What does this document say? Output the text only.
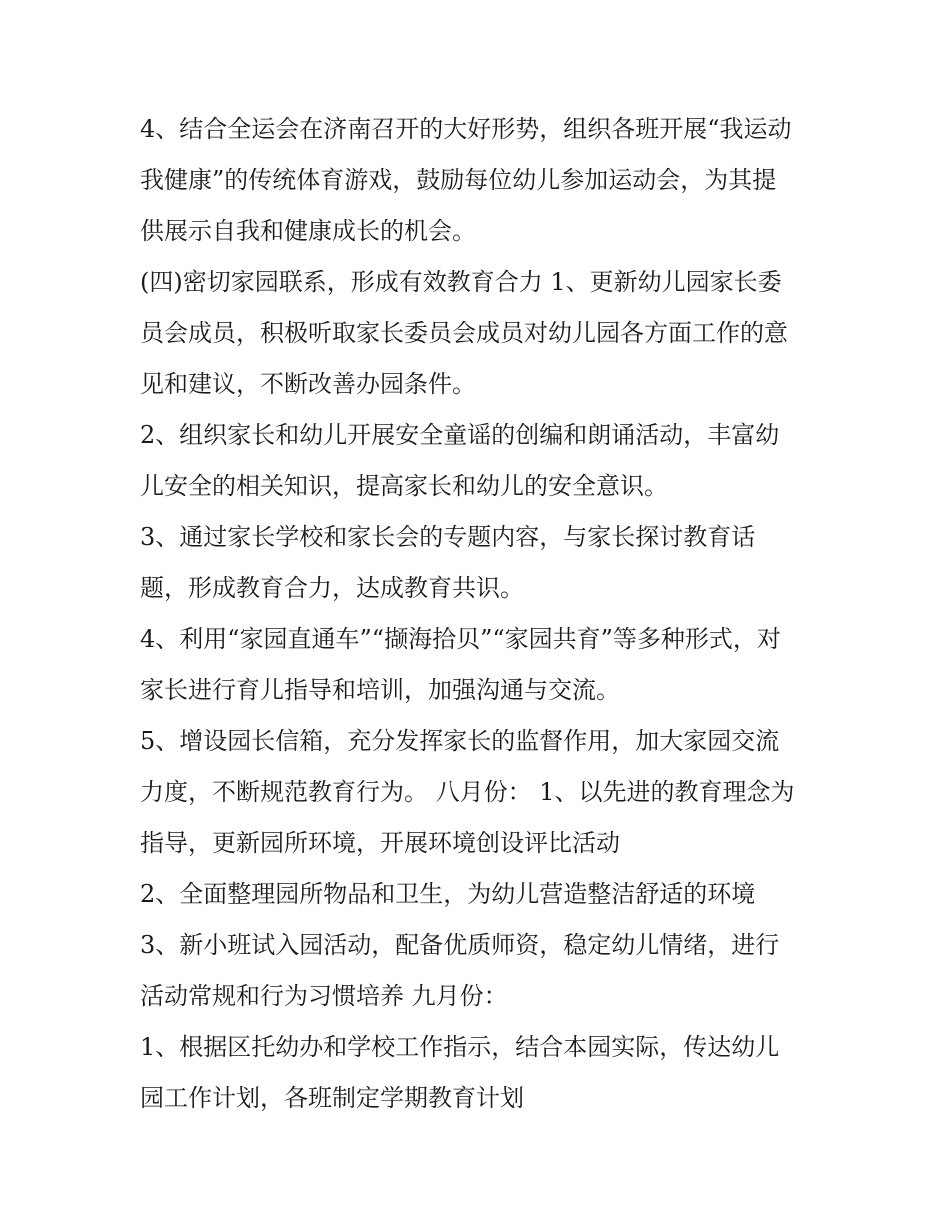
4、结合全运会在济南召开的大好形势，组织各班开展“我运动
我健康”的传统体育游戏，鼓励每位幼儿参加运动会，为其提
供展示自我和健康成长的机会。
(四)密切家园联系，形成有效教育合力 1、更新幼儿园家长委
员会成员，积极听取家长委员会成员对幼儿园各方面工作的意
见和建议，不断改善办园条件。
2、组织家长和幼儿开展安全童谣的创编和朗诵活动，丰富幼
儿安全的相关知识，提高家长和幼儿的安全意识。
3、通过家长学校和家长会的专题内容，与家长探讨教育话
题，形成教育合力，达成教育共识。
4、利用“家园直通车”“撷海拾贝”“家园共育”等多种形式，对
家长进行育儿指导和培训，加强沟通与交流。
5、增设园长信箱，充分发挥家长的监督作用，加大家园交流
力度，不断规范教育行为。 八月份： 1、以先进的教育理念为
指导，更新园所环境，开展环境创设评比活动
2、全面整理园所物品和卫生，为幼儿营造整洁舒适的环境
3、新小班试入园活动，配备优质师资，稳定幼儿情绪，进行
活动常规和行为习惯培养 九月份：
1、根据区托幼办和学校工作指示，结合本园实际，传达幼儿
园工作计划，各班制定学期教育计划
